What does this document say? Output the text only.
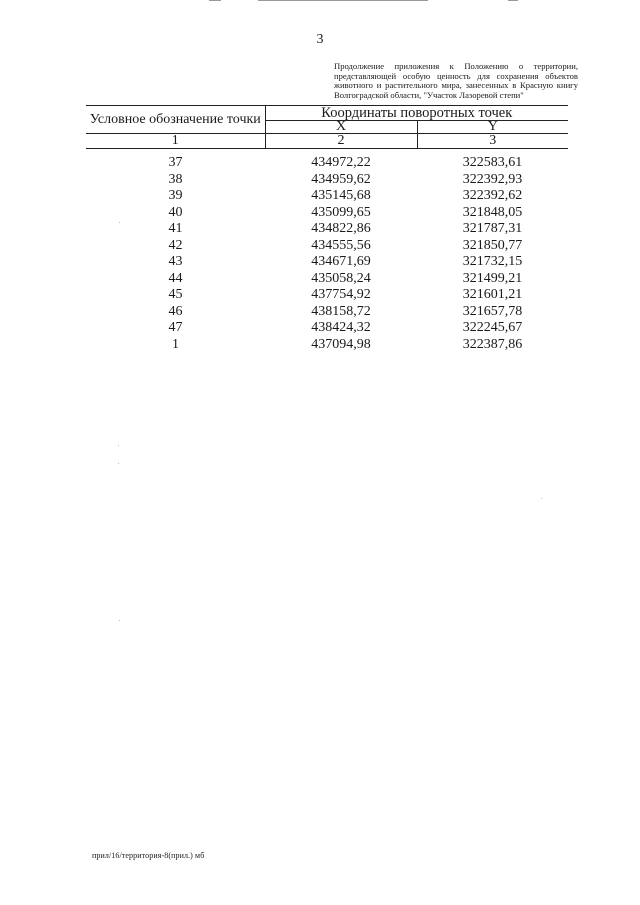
3
Продолжение приложения к Положению о территории, представляющей особую ценность для сохранения объектов животного и растительного мира, занесенных в Красную книгу Волгоградской области, "Участок Лазоревой степи"
Условное обозначение точки	Координаты поворотных точек	
	X	Y
1	2	3
37	434972,22	322583,61
38	434959,62	322392,93
39	435145,68	322392,62
40	435099,65	321848,05
41	434822,86	321787,31
42	434555,56	321850,77
43	434671,69	321732,15
44	435058,24	321499,21
45	437754,92	321601,21
46	438158,72	321657,78
47	438424,32	322245,67
1	437094,98	322387,86
прил/16/территория-8(прил.) мб
